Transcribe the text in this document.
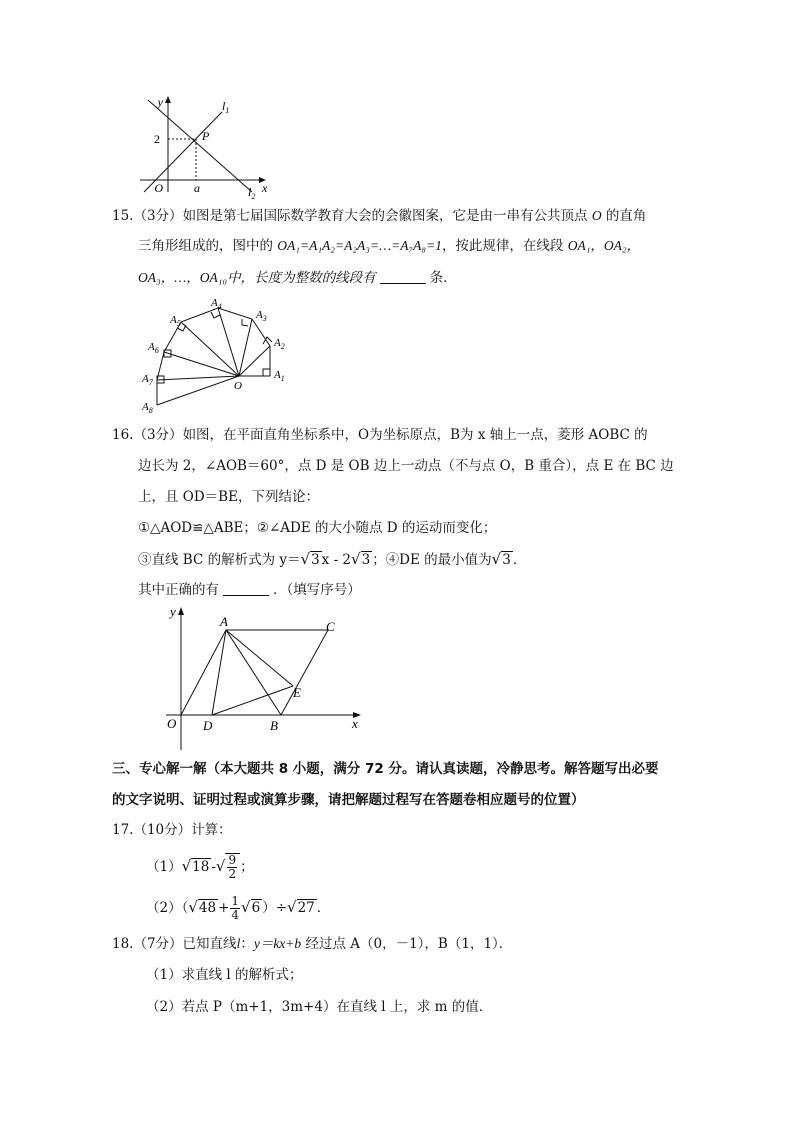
y	$l_1$
2	P
O	a	x
$l_2$
15.（3分）如图是第七届国际数学教育大会的会徽图案，它是由一串有公共顶点 O 的直角
三角形组成的，图中的 OA₁=A₁A₂=A₂A₃=…=A₇A₈=1，按此规律，在线段 OA₁，OA₂，
OA₃，…，OA₁₀中，长度为整数的线段有	条．
$A_1$
$A_2$
$A_3$
$A_4$
$A_5$
$A_6$
$A_7$
$A_8$
O
16.（3分）如图，在平面直角坐标系中，O为坐标原点，B为 x 轴上一点，菱形 AOBC 的
边长为 2，∠AOB＝60°，点 D 是 OB 边上一动点（不与点 O，B 重合），点 E 在 BC 边
上，且 OD＝BE，下列结论：
①△AOD≌△ABE；②∠ADE 的大小随点 D 的运动而变化；
③直线 BC 的解析式为 y＝√3 x - 2√3 ；④DE 的最小值为√3 ．
其中正确的有	．（填写序号）
y
A	C
E
O D	B	x
三、专心解一解（本大题共 8 小题，满分 72 分。请认真读题，冷静思考。解答题写出必要
的文字说明、证明过程或演算步骤，请把解题过程写在答题卷相应题号的位置）
17.（10分）计算：
（1）√18 -√ $\frac{9}{2}$ ；
$(2)(√48 + \frac{1}{4} √6$ ）÷√27 ．
18.（7分）已知直线l：y＝kx+b 经过点 A（0，－1），B（1，1）．
（1）求直线 l 的解析式；
（2）若点 P（m+1，3m+4）在直线 l 上，求 m 的值．
